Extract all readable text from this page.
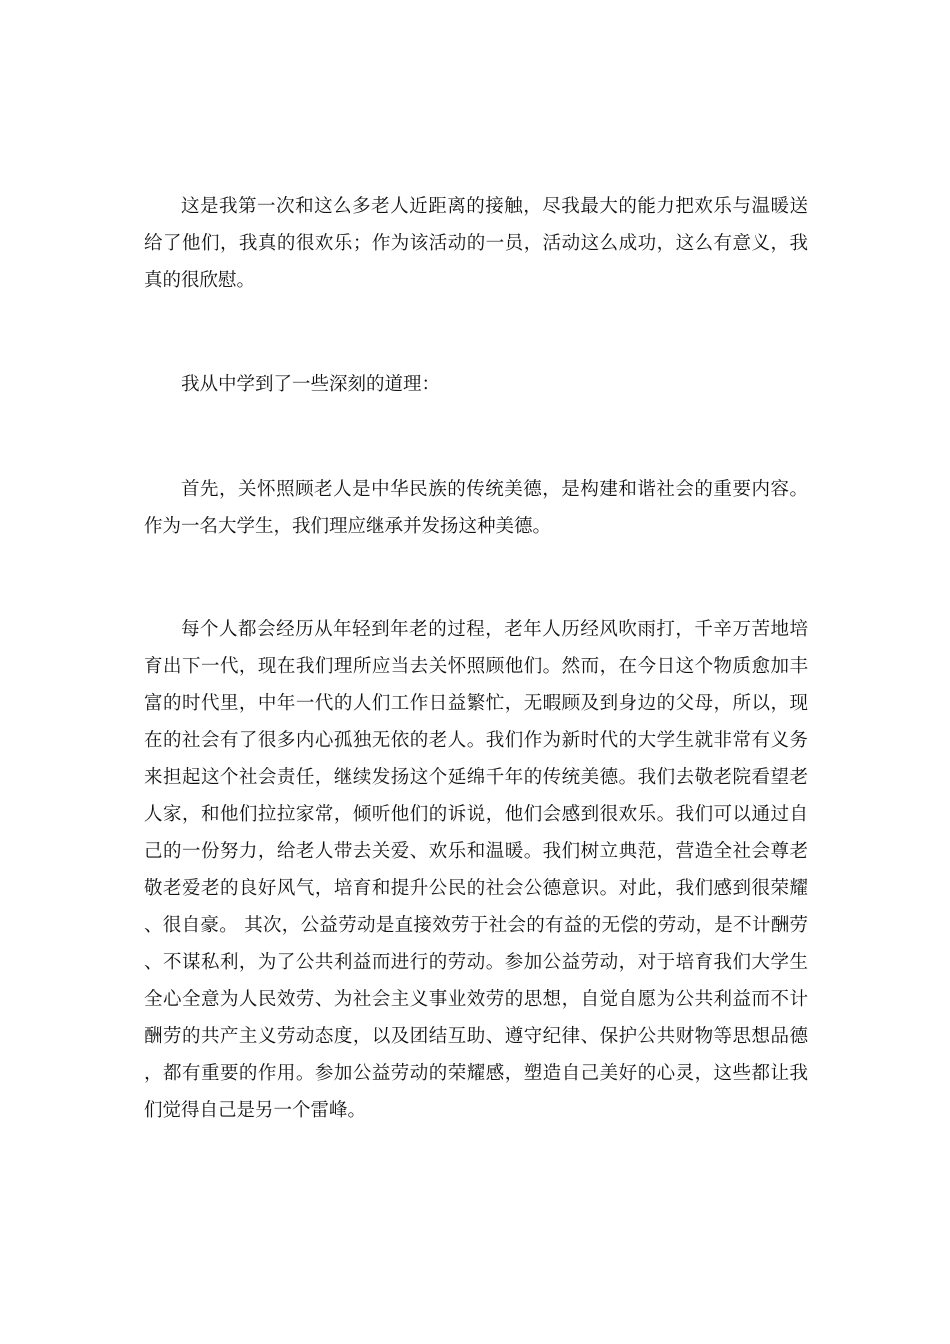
这是我第一次和这么多老人近距离的接触，尽我最大的能力把欢乐与温暖送给了他们，我真的很欢乐；作为该活动的一员，活动这么成功，这么有意义，我真的很欣慰。

我从中学到了一些深刻的道理：

首先，关怀照顾老人是中华民族的传统美德，是构建和谐社会的重要内容。作为一名大学生，我们理应继承并发扬这种美德。

每个人都会经历从年轻到年老的过程，老年人历经风吹雨打，千辛万苦地培育出下一代，现在我们理所应当去关怀照顾他们。然而，在今日这个物质愈加丰富的时代里，中年一代的人们工作日益繁忙，无暇顾及到身边的父母，所以，现在的社会有了很多内心孤独无依的老人。我们作为新时代的大学生就非常有义务来担起这个社会责任，继续发扬这个延绵千年的传统美德。我们去敬老院看望老人家，和他们拉拉家常，倾听他们的诉说，他们会感到很欢乐。我们可以通过自己的一份努力，给老人带去关爱、欢乐和温暖。我们树立典范，营造全社会尊老敬老爱老的良好风气，培育和提升公民的社会公德意识。对此，我们感到很荣耀、很自豪。 其次，公益劳动是直接效劳于社会的有益的无偿的劳动，是不计酬劳、不谋私利，为了公共利益而进行的劳动。参加公益劳动，对于培育我们大学生全心全意为人民效劳、为社会主义事业效劳的思想，自觉自愿为公共利益而不计酬劳的共产主义劳动态度，以及团结互助、遵守纪律、保护公共财物等思想品德，都有重要的作用。参加公益劳动的荣耀感，塑造自己美好的心灵，这些都让我们觉得自己是另一个雷峰。
